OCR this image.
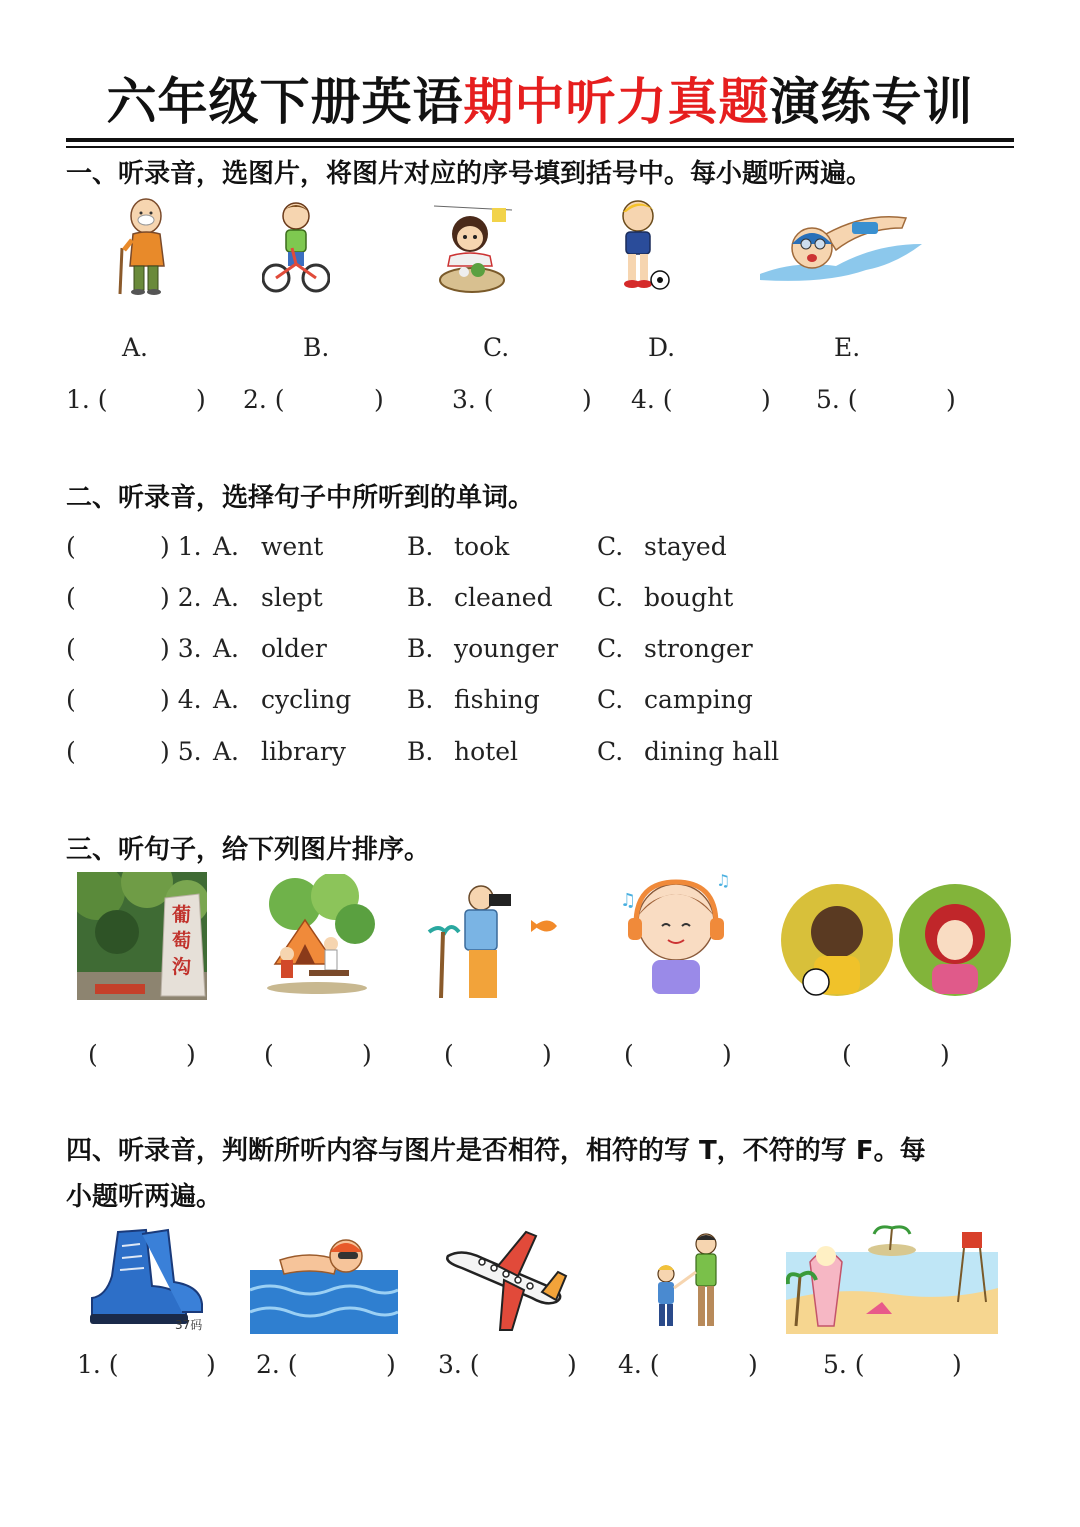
六年级下册英语期中听力真题演练专训
一、听录音，选图片，将图片对应的序号填到括号中。每小题听两遍。
A.	B.	C.	D.	E.
1. (	) 2. (	)	3. (	) 4. (	) 5. (	)
二、听录音，选择句子中所听到的单词。
(	) 1. A. went	B. took	C. stayed
(	) 2. A. slept	B. cleaned C. bought
(	) 3. A. older	B. younger C. stronger
(	) 4. A. cycling B. fishing C. camping
(	) 5. A. library B. hotel	C. dining hall
三、听句子，给下列图片排序。
葡萄沟
♫
♫
(	)	(	)	(	)	(	)	(	)
四、听录音，判断所听内容与图片是否相符，相符的写 T，不符的写 F。每
小题听两遍。
37码
1. (	) 2. (	) 3. (	) 4. (	)	5. (	)
